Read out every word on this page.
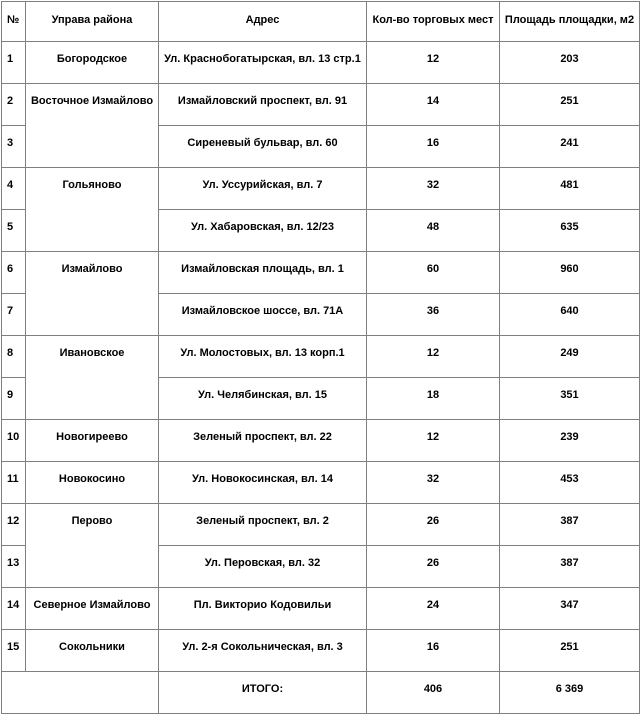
№	Управа района	Адрес	Кол-во торговых мест	Площадь площадки, м2
1	Богородское	Ул. Краснобогатырская, вл. 13 стр.1	12	203
2	Восточное Измайлово	Измайловский проспект, вл. 91	14	251
3		Сиреневый бульвар, вл. 60	16	241
4	Гольяново	Ул. Уссурийская, вл. 7	32	481
5		Ул. Хабаровская, вл. 12/23	48	635
6	Измайлово	Измайловская площадь, вл. 1	60	960
7		Измайловское шоссе, вл. 71А	36	640
8	Ивановское	Ул. Молостовых, вл. 13 корп.1	12	249
9		Ул. Челябинская, вл. 15	18	351
10	Новогиреево	Зеленый проспект, вл. 22	12	239
11	Новокосино	Ул. Новокосинская, вл. 14	32	453
12	Перово	Зеленый проспект, вл. 2	26	387
13		Ул. Перовская, вл. 32	26	387
14	Северное Измайлово	Пл. Викторио Кодовильи	24	347
15	Сокольники	Ул. 2-я Сокольническая, вл. 3	16	251
		ИТОГО:	406	6 369
